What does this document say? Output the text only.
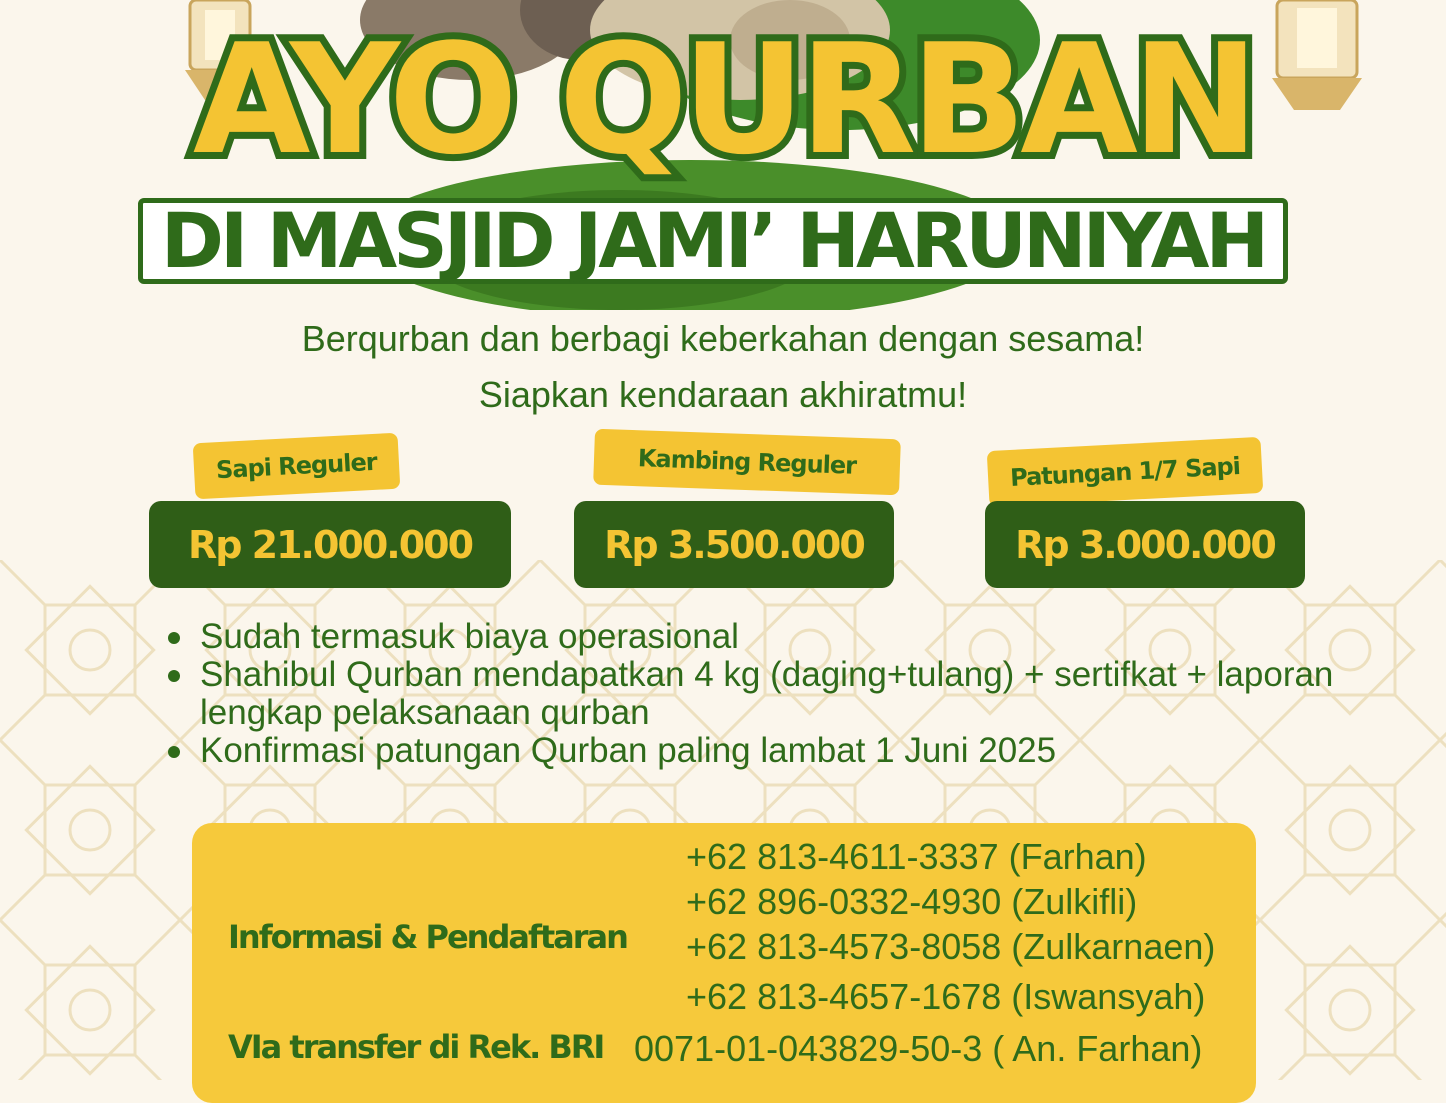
AYO QURBAN
DI MASJID JAMI’ HARUNIYAH
Berqurban dan berbagi keberkahan dengan sesama!
Siapkan kendaraan akhiratmu!
Sapi Reguler
Rp 21.000.000
Kambing Reguler
Rp 3.500.000
Patungan 1/7 Sapi
Rp 3.000.000
Sudah termasuk biaya operasional
Shahibul Qurban mendapatkan 4 kg (daging+tulang) + sertifkat + laporan lengkap pelaksanaan qurban
Konfirmasi patungan Qurban paling lambat 1 Juni 2025
Informasi & Pendaftaran
+62 813-4611-3337 (Farhan)
+62 896-0332-4930 (Zulkifli)
+62 813-4573-8058 (Zulkarnaen)
+62 813-4657-1678 (Iswansyah)
VIa transfer di Rek. BRI 0071-01-043829-50-3 ( An. Farhan)
